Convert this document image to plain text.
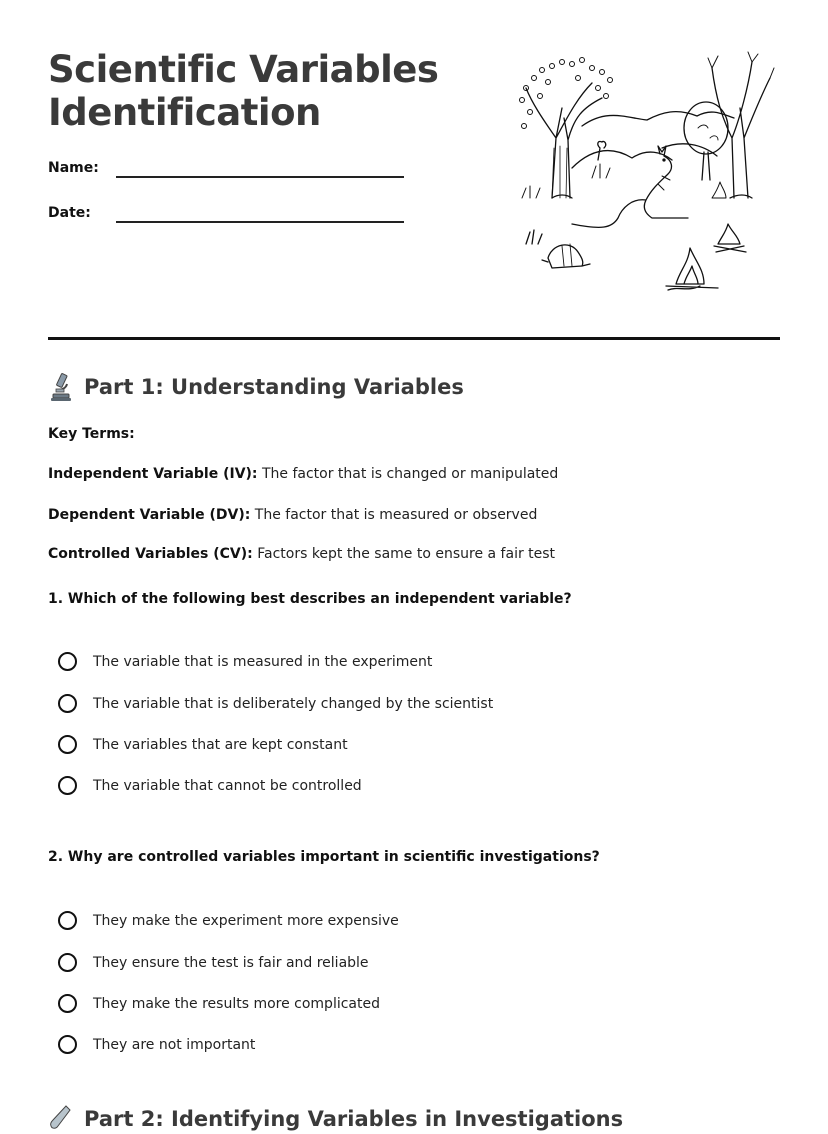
Scientific Variables Identification
Name:
Date:
Part 1: Understanding Variables
Key Terms:
Independent Variable (IV): The factor that is changed or manipulated
Dependent Variable (DV): The factor that is measured or observed
Controlled Variables (CV): Factors kept the same to ensure a fair test
1. Which of the following best describes an independent variable?
The variable that is measured in the experiment
The variable that is deliberately changed by the scientist
The variables that are kept constant
The variable that cannot be controlled
2. Why are controlled variables important in scientific investigations?
They make the experiment more expensive
They ensure the test is fair and reliable
They make the results more complicated
They are not important
Part 2: Identifying Variables in Investigations
